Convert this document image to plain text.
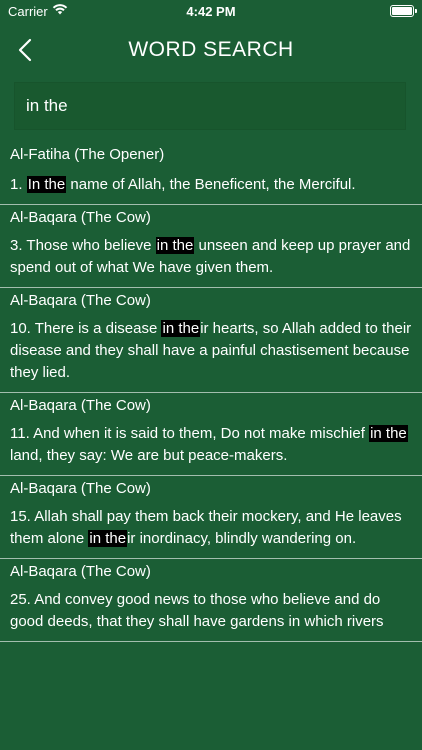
Carrier	4:42 PM
WORD SEARCH
in the
Al-Fatiha (The Opener)
1. In the name of Allah, the Beneficent, the Merciful.
Al-Baqara (The Cow)
3. Those who believe in the unseen and keep up prayer and spend out of what We have given them.
Al-Baqara (The Cow)
10. There is a disease in their hearts, so Allah added to their disease and they shall have a painful chastisement because they lied.
Al-Baqara (The Cow)
11. And when it is said to them, Do not make mischief in the land, they say: We are but peace-makers.
Al-Baqara (The Cow)
15. Allah shall pay them back their mockery, and He leaves them alone in their inordinacy, blindly wandering on.
Al-Baqara (The Cow)
25. And convey good news to those who believe and do good deeds, that they shall have gardens in which rivers
